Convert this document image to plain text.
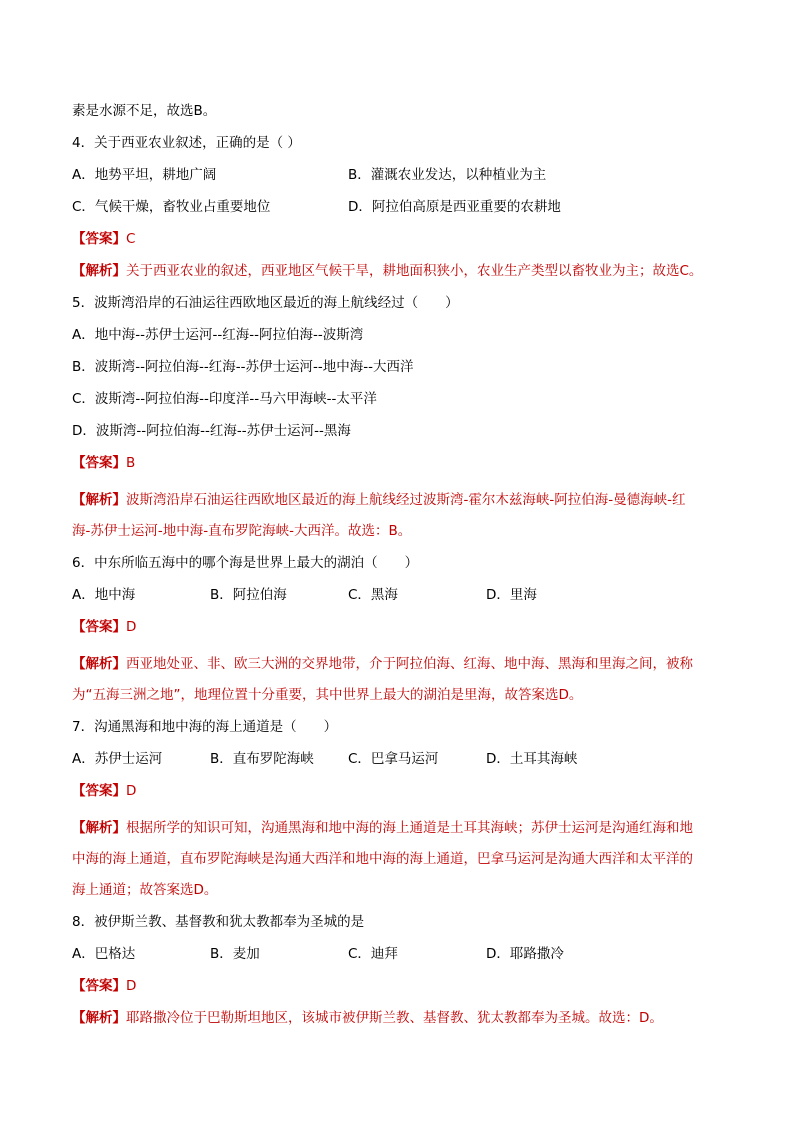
素是水源不足，故选B。
4．关于西亚农业叙述，正确的是（ ）
A．地势平坦，耕地广阔	B．灌溉农业发达，以种植业为主
C．气候干燥，畜牧业占重要地位	D．阿拉伯高原是西亚重要的农耕地
【答案】C
【解析】关于西亚农业的叙述，西亚地区气候干旱，耕地面积狭小，农业生产类型以畜牧业为主；故选C。
5．波斯湾沿岸的石油运往西欧地区最近的海上航线经过（　　）
A．地中海--苏伊士运河--红海--阿拉伯海--波斯湾
B．波斯湾--阿拉伯海--红海--苏伊士运河--地中海--大西洋
C．波斯湾--阿拉伯海--印度洋--马六甲海峡--太平洋
D．波斯湾--阿拉伯海--红海--苏伊士运河--黑海
【答案】B
【解析】波斯湾沿岸石油运往西欧地区最近的海上航线经过波斯湾-霍尔木兹海峡-阿拉伯海-曼德海峡-红
海-苏伊士运河-地中海-直布罗陀海峡-大西洋。故选：B。
6．中东所临五海中的哪个海是世界上最大的湖泊（　　）
A．地中海	B．阿拉伯海	C．黑海	D．里海
【答案】D
【解析】西亚地处亚、非、欧三大洲的交界地带，介于阿拉伯海、红海、地中海、黑海和里海之间，被称
为“五海三洲之地”，地理位置十分重要，其中世界上最大的湖泊是里海，故答案选D。
7．沟通黑海和地中海的海上通道是（　　）
A．苏伊士运河	B．直布罗陀海峡	C．巴拿马运河	D．土耳其海峡
【答案】D
【解析】根据所学的知识可知，沟通黑海和地中海的海上通道是土耳其海峡；苏伊士运河是沟通红海和地
中海的海上通道，直布罗陀海峡是沟通大西洋和地中海的海上通道，巴拿马运河是沟通大西洋和太平洋的
海上通道；故答案选D。
8．被伊斯兰教、基督教和犹太教都奉为圣城的是
A．巴格达	B．麦加	C．迪拜	D．耶路撒冷
【答案】D
【解析】耶路撒冷位于巴勒斯坦地区，该城市被伊斯兰教、基督教、犹太教都奉为圣城。故选：D。
